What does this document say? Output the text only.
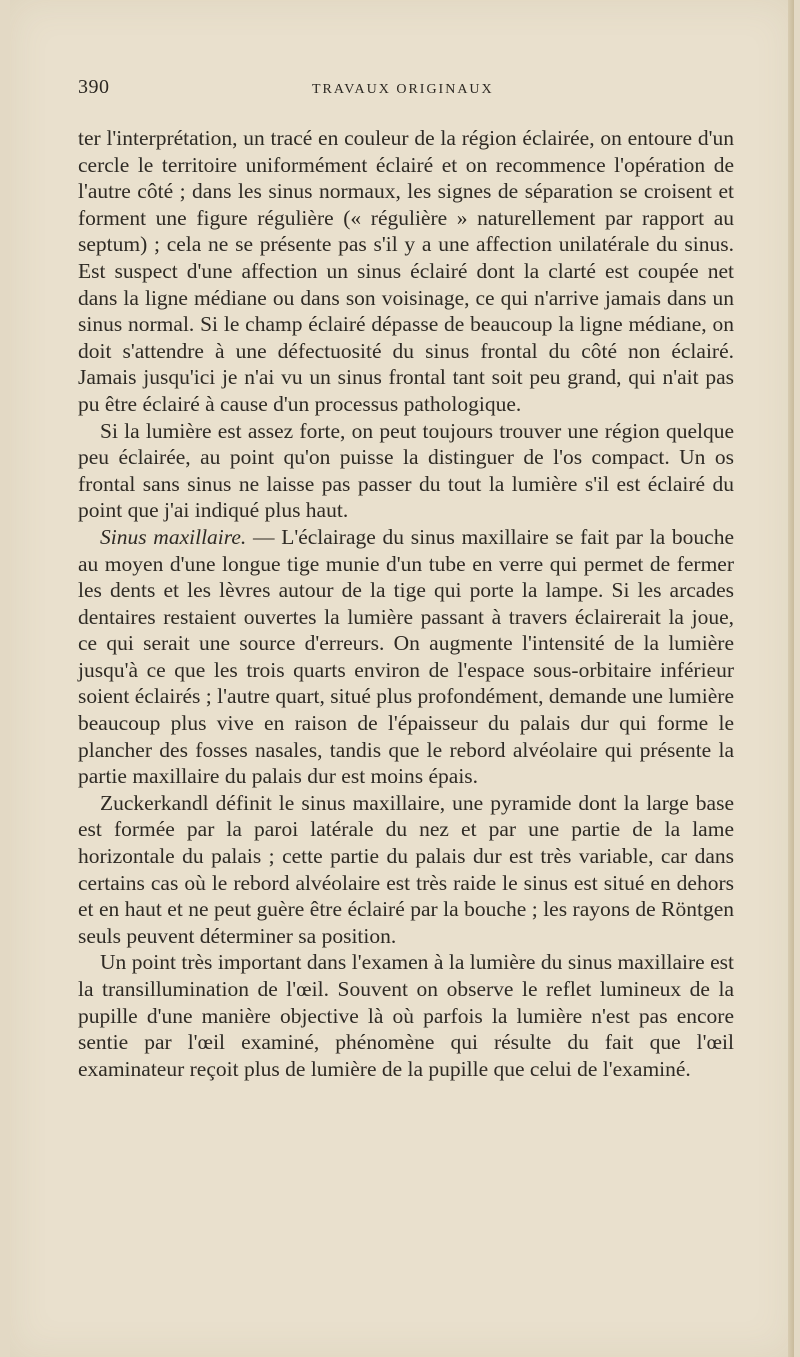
390	TRAVAUX ORIGINAUX

ter l'interprétation, un tracé en couleur de la région éclairée, on entoure d'un cercle le territoire uniformément éclairé et on recommence l'opération de l'autre côté ; dans les sinus normaux, les signes de séparation se croisent et forment une figure régulière (« régulière » naturellement par rapport au septum) ; cela ne se présente pas s'il y a une affection unilatérale du sinus. Est suspect d'une affection un sinus éclairé dont la clarté est coupée net dans la ligne médiane ou dans son voisinage, ce qui n'arrive jamais dans un sinus normal. Si le champ éclairé dépasse de beaucoup la ligne médiane, on doit s'attendre à une défectuosité du sinus frontal du côté non éclairé. Jamais jusqu'ici je n'ai vu un sinus frontal tant soit peu grand, qui n'ait pas pu être éclairé à cause d'un processus pathologique.

Si la lumière est assez forte, on peut toujours trouver une région quelque peu éclairée, au point qu'on puisse la distinguer de l'os compact. Un os frontal sans sinus ne laisse pas passer du tout la lumière s'il est éclairé du point que j'ai indiqué plus haut.

Sinus maxillaire. — L'éclairage du sinus maxillaire se fait par la bouche au moyen d'une longue tige munie d'un tube en verre qui permet de fermer les dents et les lèvres autour de la tige qui porte la lampe. Si les arcades dentaires restaient ouvertes la lumière passant à travers éclairerait la joue, ce qui serait une source d'erreurs. On augmente l'intensité de la lumière jusqu'à ce que les trois quarts environ de l'espace sous-orbitaire inférieur soient éclairés ; l'autre quart, situé plus profondément, demande une lumière beaucoup plus vive en raison de l'épaisseur du palais dur qui forme le plancher des fosses nasales, tandis que le rebord alvéolaire qui présente la partie maxillaire du palais dur est moins épais.

Zuckerkandl définit le sinus maxillaire, une pyramide dont la large base est formée par la paroi latérale du nez et par une partie de la lame horizontale du palais ; cette partie du palais dur est très variable, car dans certains cas où le rebord alvéolaire est très raide le sinus est situé en dehors et en haut et ne peut guère être éclairé par la bouche ; les rayons de Röntgen seuls peuvent déterminer sa position.

Un point très important dans l'examen à la lumière du sinus maxillaire est la transillumination de l'œil. Souvent on observe le reflet lumineux de la pupille d'une manière objective là où parfois la lumière n'est pas encore sentie par l'œil examiné, phénomène qui résulte du fait que l'œil examinateur reçoit plus de lumière de la pupille que celui de l'examiné.
